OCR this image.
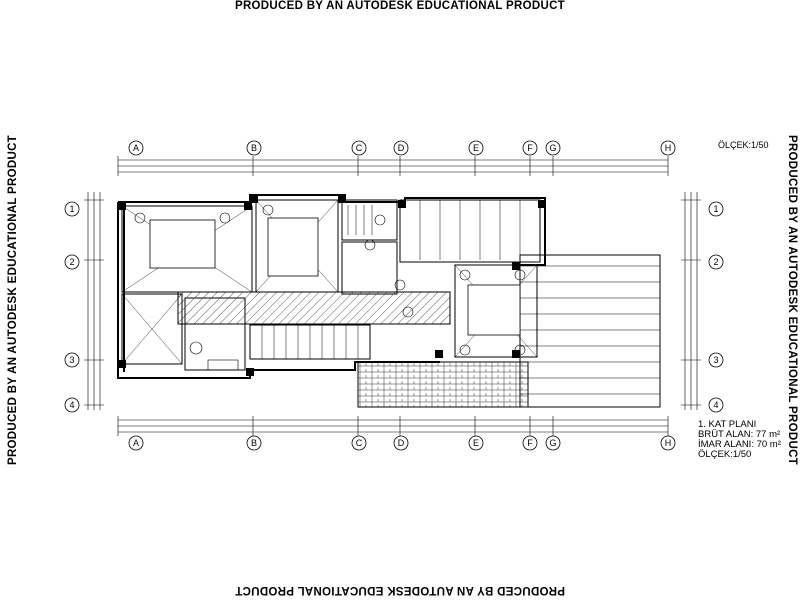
PRODUCED BY AN AUTODESK EDUCATIONAL PRODUCT
PRODUCED BY AN AUTODESK EDUCATIONAL PRODUCT
PRODUCED BY AN AUTODESK EDUCATIONAL PRODUCT	PRODUCED BY AN AUTODESK EDUCATIONAL PRODUCT
ÖLÇEK:1/50
1. KAT PLANI
BRÜT ALAN: 77 m²
İMAR ALANI: 70 m²
ÖLÇEK:1/50
A	B	C	D	E	F G	H
A	B	C	D	E	F G	H
1
2
3
4
1
2
3
4
